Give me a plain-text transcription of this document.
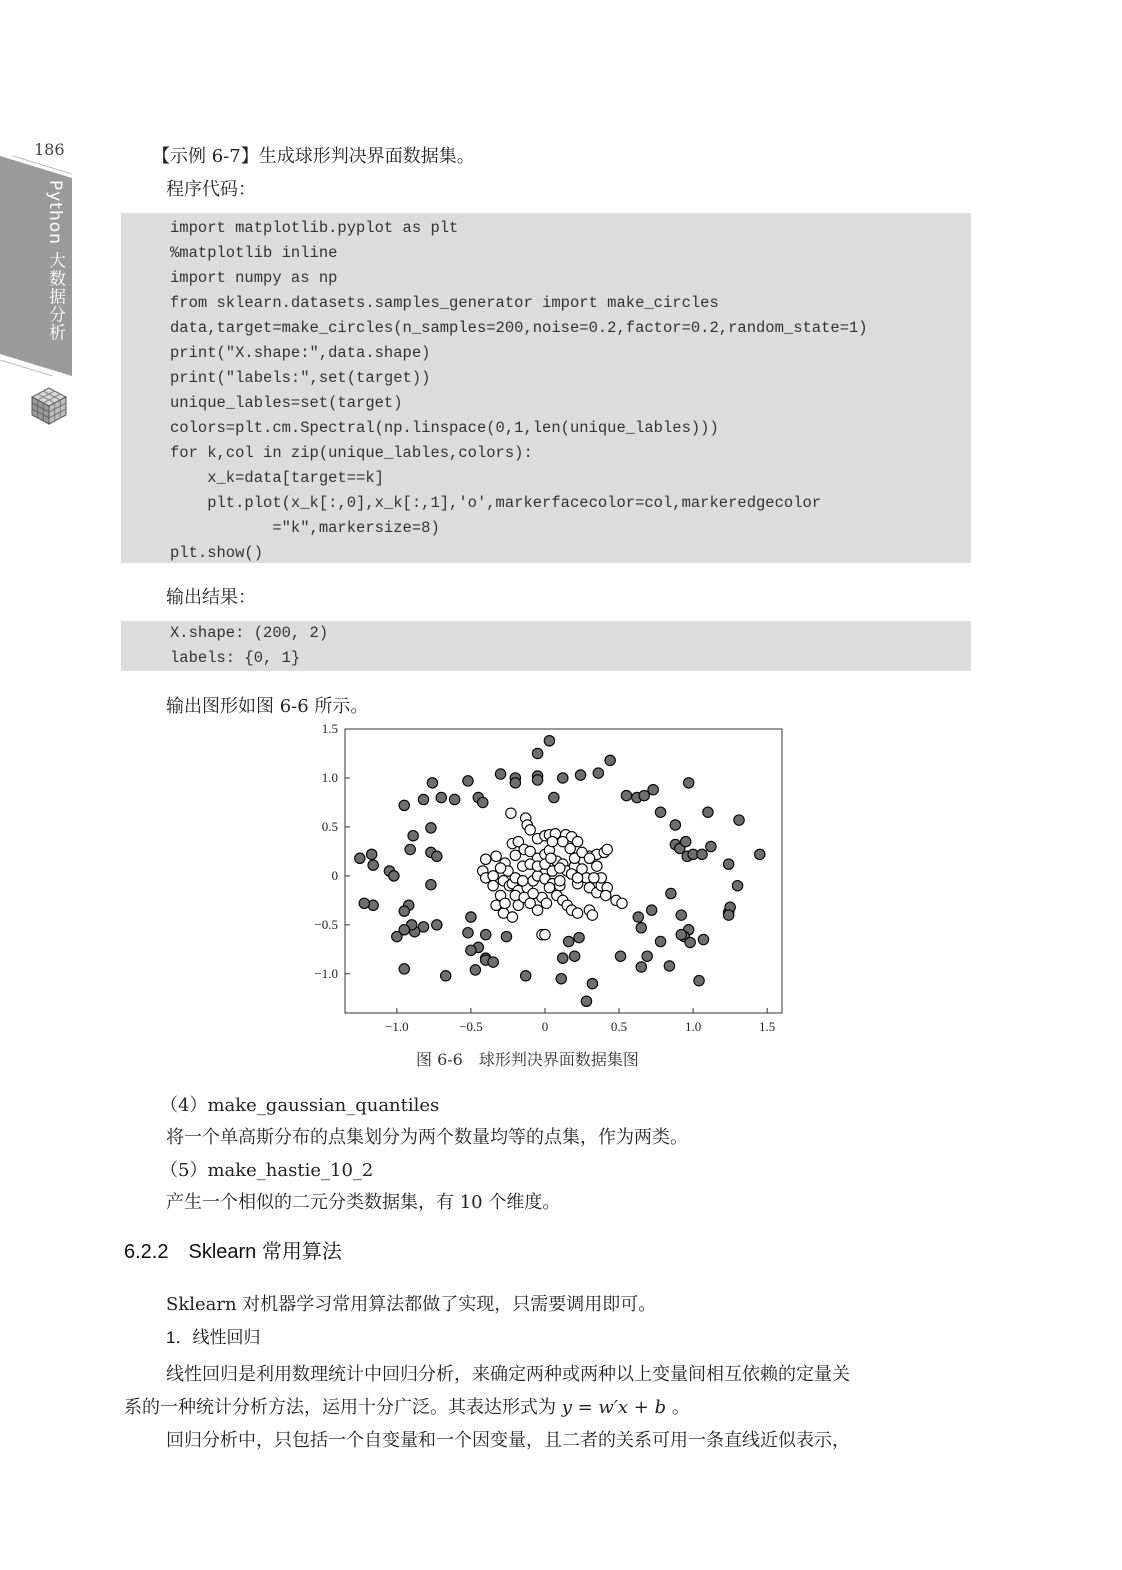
186
Python 大数据分析
【示例 6-7】生成球形判决界面数据集。
程序代码：
import matplotlib.pyplot as plt
%matplotlib inline
import numpy as np
from sklearn.datasets.samples_generator import make_circles
data,target=make_circles(n_samples=200,noise=0.2,factor=0.2,random_state=1)
print("X.shape:",data.shape)
print("labels:",set(target))
unique_lables=set(target)
colors=plt.cm.Spectral(np.linspace(0,1,len(unique_lables)))
for k,col in zip(unique_lables,colors):
x_k=data[target==k]
plt.plot(x_k[:,0],x_k[:,1],'o',markerfacecolor=col,markeredgecolor
="k",markersize=8)
plt.show()
输出结果：
X.shape: (200, 2)
labels: {0, 1}
输出图形如图 6-6 所示。
−1.0	−0.5	0	0.5	1.0	1.5
−1.0
−0.5
0
0.5
1.0
1.5
图 6-6　球形判决界面数据集图
（4）make_gaussian_quantiles
将一个单高斯分布的点集划分为两个数量均等的点集，作为两类。
（5）make_hastie_10_2
产生一个相似的二元分类数据集，有 10 个维度。
6.2.2　Sklearn 常用算法
Sklearn 对机器学习常用算法都做了实现，只需要调用即可。
1．线性回归
线性回归是利用数理统计中回归分析，来确定两种或两种以上变量间相互依赖的定量关
系的一种统计分析方法，运用十分广泛。其表达形式为 y = w′x + b 。
回归分析中，只包括一个自变量和一个因变量，且二者的关系可用一条直线近似表示，
